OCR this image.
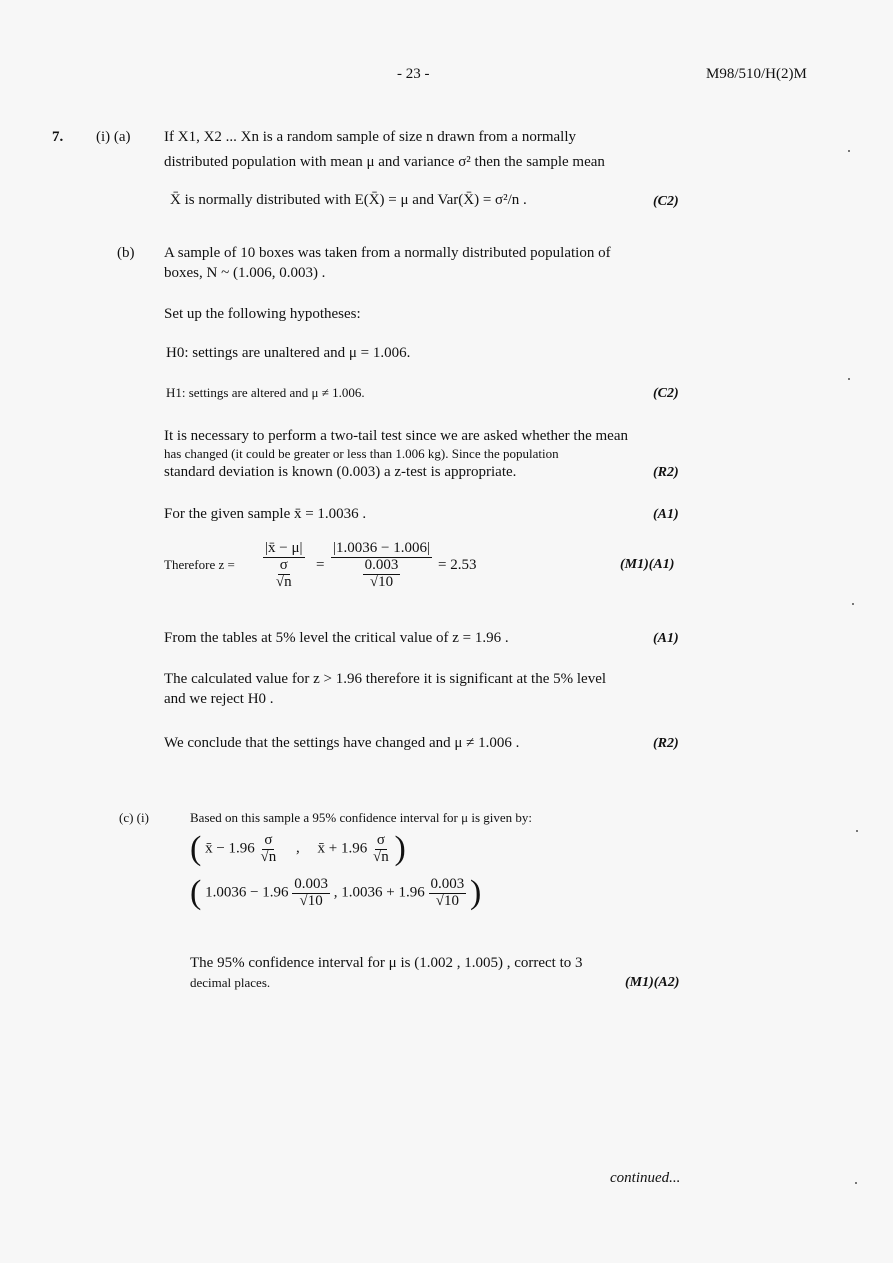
- 23 -	M98/510/H(2)M
7. (i) (a) If X1, X2 ... Xn is a random sample of size n drawn from a normally
distributed population with mean μ and variance σ² then the sample mean
X̄ is normally distributed with E(X̄) = μ and Var(X̄) = σ²/n .	(C2)
(b) A sample of 10 boxes was taken from a normally distributed population of
boxes, N ~ (1.006, 0.003) .
Set up the following hypotheses:
H0: settings are unaltered and μ = 1.006.
H1: settings are altered and μ ≠ 1.006.	(C2)
It is necessary to perform a two-tail test since we are asked whether the mean
has changed (it could be greater or less than 1.006 kg). Since the population
standard deviation is known (0.003) a z-test is appropriate.	(R2)
For the given sample x̄ = 1.0036 .	(A1)
Therefore $z = \frac{|x̄ - \mu|}{\frac{\sigma}{√n}} = \frac{|1.0036 - 1.006|}{\frac{0.003}{√10}} = 2.53$	(M1)(A1)
From the tables at 5% level the critical value of z = 1.96 .	(A1)
The calculated value for z > 1.96 therefore it is significant at the 5% level
and we reject H0 .
We conclude that the settings have changed and μ ≠ 1.006 .	(R2)
(c) (i)	Based on this sample a 95% confidence interval for μ is given by:
( x̄ − $1.96 \frac{\sigma}{√n}$ , x̄ + $1.96 \frac{\sigma}{√n}$ )
( $1.0036 - 1.96 \frac{0.003}{√10}$ , $1.0036 + 1.96 \frac{0.003}{√10}$ )
The 95% confidence interval for μ is (1.002 , 1.005) , correct to 3
decimal places.	(M1)(A2)
continued...
